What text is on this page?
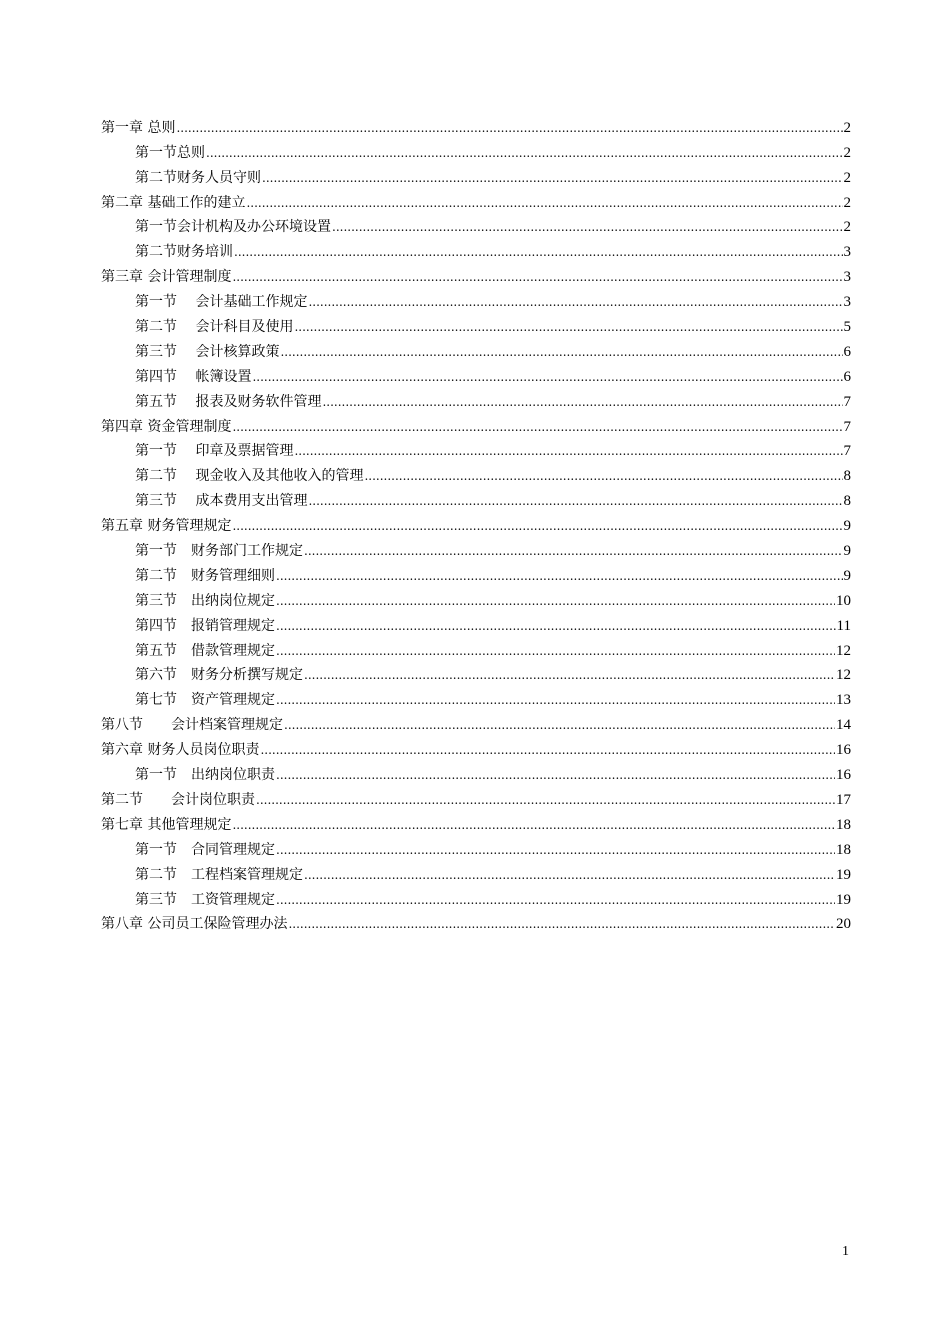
第一章 总则 .....	2
第一节总则 .....	2
第二节财务人员守则 .....	2
第二章 基础工作的建立 .....	2
第一节会计机构及办公环境设置 .....	2
第二节财务培训 .....	3
第三章 会计管理制度 .....	3
第一节　 会计基础工作规定 .....	3
第二节　 会计科目及使用 .....	5
第三节　 会计核算政策 .....	6
第四节　 帐簿设置 .....	6
第五节　 报表及财务软件管理 .....	7
第四章 资金管理制度 .....	7
第一节　 印章及票据管理 .....	7
第二节　 现金收入及其他收入的管理 .....	8
第三节　 成本费用支出管理 .....	8
第五章 财务管理规定 .....	9
第一节　财务部门工作规定 .....	9
第二节　财务管理细则 .....	9
第三节　出纳岗位规定 .....	10
第四节　报销管理规定 .....	11
第五节　借款管理规定 .....	12
第六节　财务分析撰写规定 .....	12
第七节　资产管理规定 .....	13
第八节　　会计档案管理规定 .....	14
第六章 财务人员岗位职责 .....	16
第一节　出纳岗位职责 .....	16
第二节　　会计岗位职责 .....	17
第七章 其他管理规定 .....	18
第一节　合同管理规定 .....	18
第二节　工程档案管理规定 .....	19
第三节　工资管理规定 .....	19
第八章 公司员工保险管理办法 .....	20
1
